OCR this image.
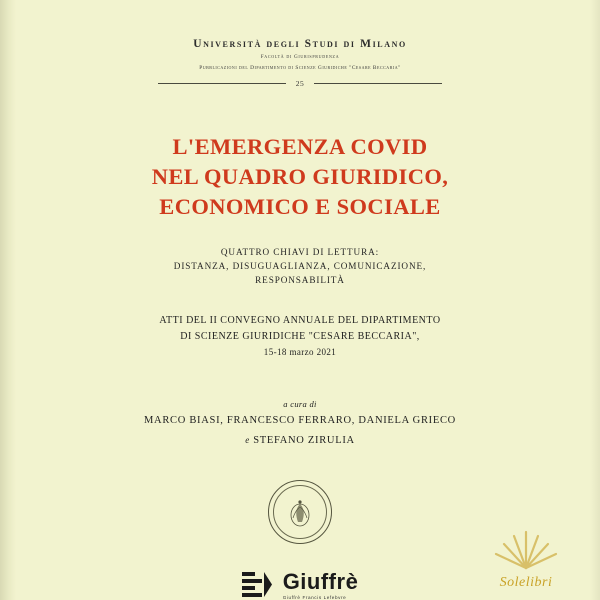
Università degli Studi di Milano
Facoltà di Giurisprudenza
Pubblicazioni del Dipartimento di Scienze Giuridiche "Cesare Beccaria"
25
L'EMERGENZA COVID
NEL QUADRO GIURIDICO,
ECONOMICO E SOCIALE
QUATTRO CHIAVI DI LETTURA:
DISTANZA, DISUGUAGLIANZA, COMUNICAZIONE,
RESPONSABILITÀ
ATTI DEL II CONVEGNO ANNUALE DEL DIPARTIMENTO
DI SCIENZE GIURIDICHE "CESARE BECCARIA",
15-18 marzo 2021
a cura di
MARCO BIASI, FRANCESCO FERRARO, DANIELA GRIECO
e STEFANO ZIRULIA
Giuffrè
Giuffrè Francis Lefebvre
Solelibri
